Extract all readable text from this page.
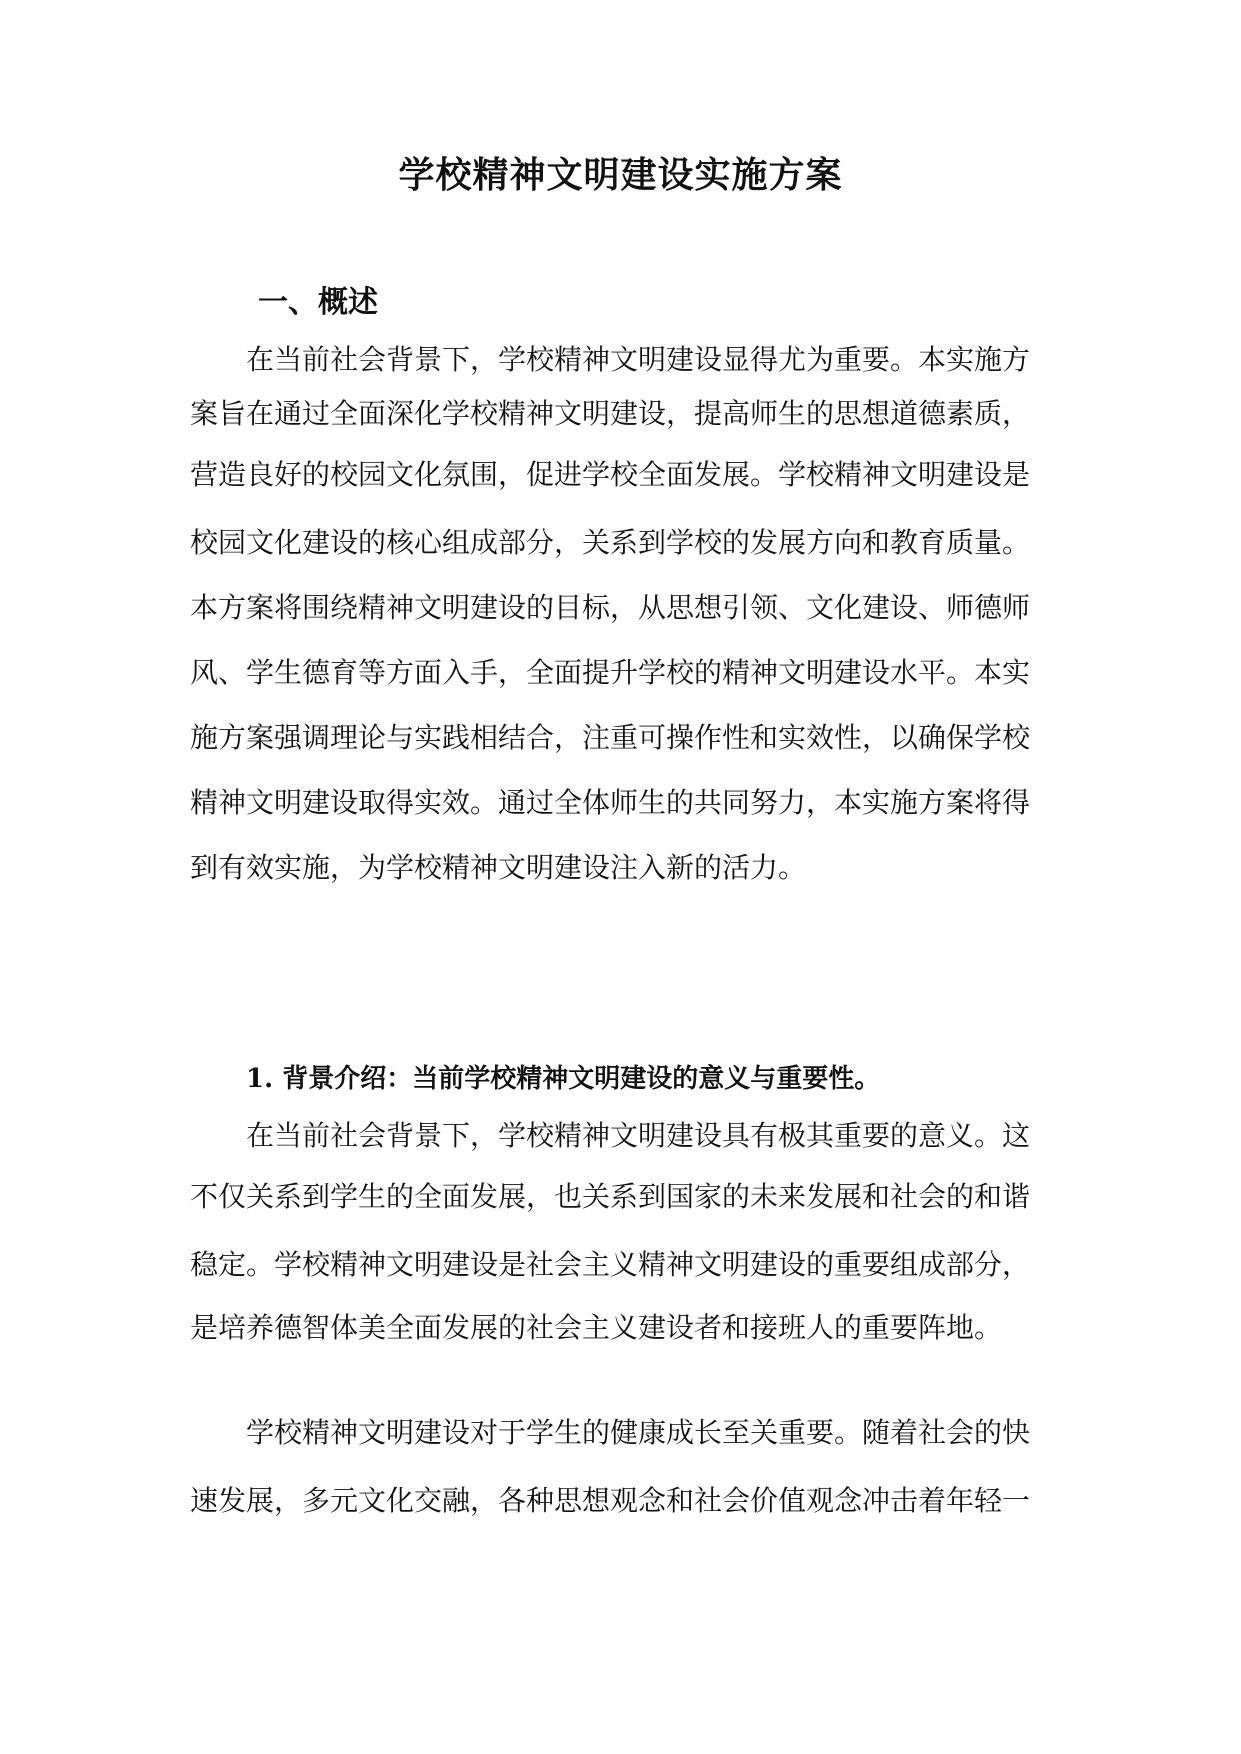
学校精神文明建设实施方案
一、概述
在当前社会背景下，学校精神文明建设显得尤为重要。本实施方
案旨在通过全面深化学校精神文明建设，提高师生的思想道德素质，
营造良好的校园文化氛围，促进学校全面发展。学校精神文明建设是
校园文化建设的核心组成部分，关系到学校的发展方向和教育质量。
本方案将围绕精神文明建设的目标，从思想引领、文化建设、师德师
风、学生德育等方面入手，全面提升学校的精神文明建设水平。本实
施方案强调理论与实践相结合，注重可操作性和实效性，以确保学校
精神文明建设取得实效。通过全体师生的共同努力，本实施方案将得
到有效实施，为学校精神文明建设注入新的活力。
1. 背景介绍：当前学校精神文明建设的意义与重要性。
在当前社会背景下，学校精神文明建设具有极其重要的意义。这
不仅关系到学生的全面发展，也关系到国家的未来发展和社会的和谐
稳定。学校精神文明建设是社会主义精神文明建设的重要组成部分，
是培养德智体美全面发展的社会主义建设者和接班人的重要阵地。
学校精神文明建设对于学生的健康成长至关重要。随着社会的快
速发展，多元文化交融，各种思想观念和社会价值观念冲击着年轻一
